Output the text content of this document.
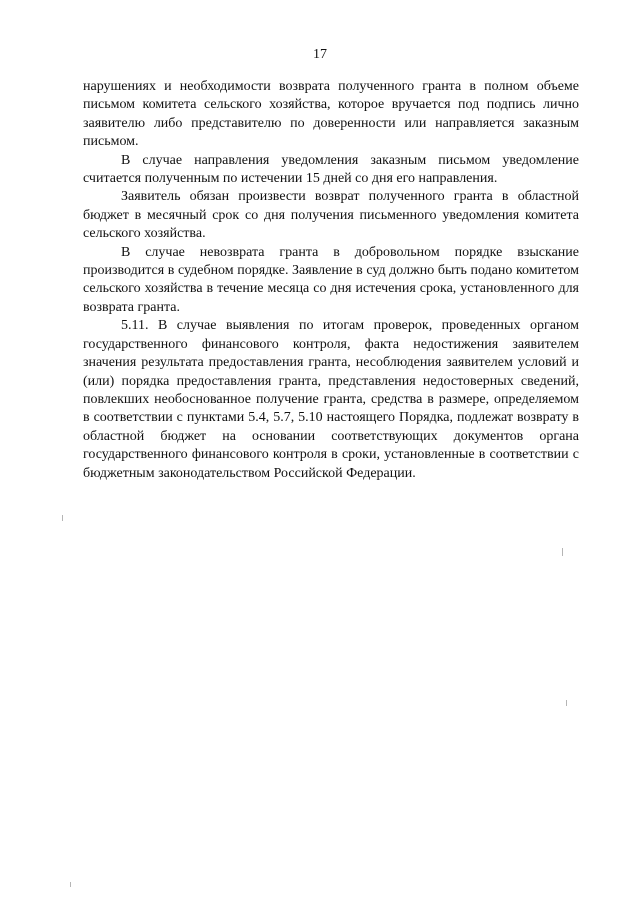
17

нарушениях и необходимости возврата полученного гранта в полном объеме письмом комитета сельского хозяйства, которое вручается под подпись лично заявителю либо представителю по доверенности или направляется заказным письмом.

В случае направления уведомления заказным письмом уведомление считается полученным по истечении 15 дней со дня его направления.

Заявитель обязан произвести возврат полученного гранта в областной бюджет в месячный срок со дня получения письменного уведомления комитета сельского хозяйства.

В случае невозврата гранта в добровольном порядке взыскание производится в судебном порядке. Заявление в суд должно быть подано комитетом сельского хозяйства в течение месяца со дня истечения срока, установленного для возврата гранта.

5.11. В случае выявления по итогам проверок, проведенных органом государственного финансового контроля, факта недостижения заявителем значения результата предоставления гранта, несоблюдения заявителем условий и (или) порядка предоставления гранта, представления недостоверных сведений, повлекших необоснованное получение гранта, средства в размере, определяемом в соответствии с пунктами 5.4, 5.7, 5.10 настоящего Порядка, подлежат возврату в областной бюджет на основании соответствующих документов органа государственного финансового контроля в сроки, установленные в соответствии с бюджетным законодательством Российской Федерации.
